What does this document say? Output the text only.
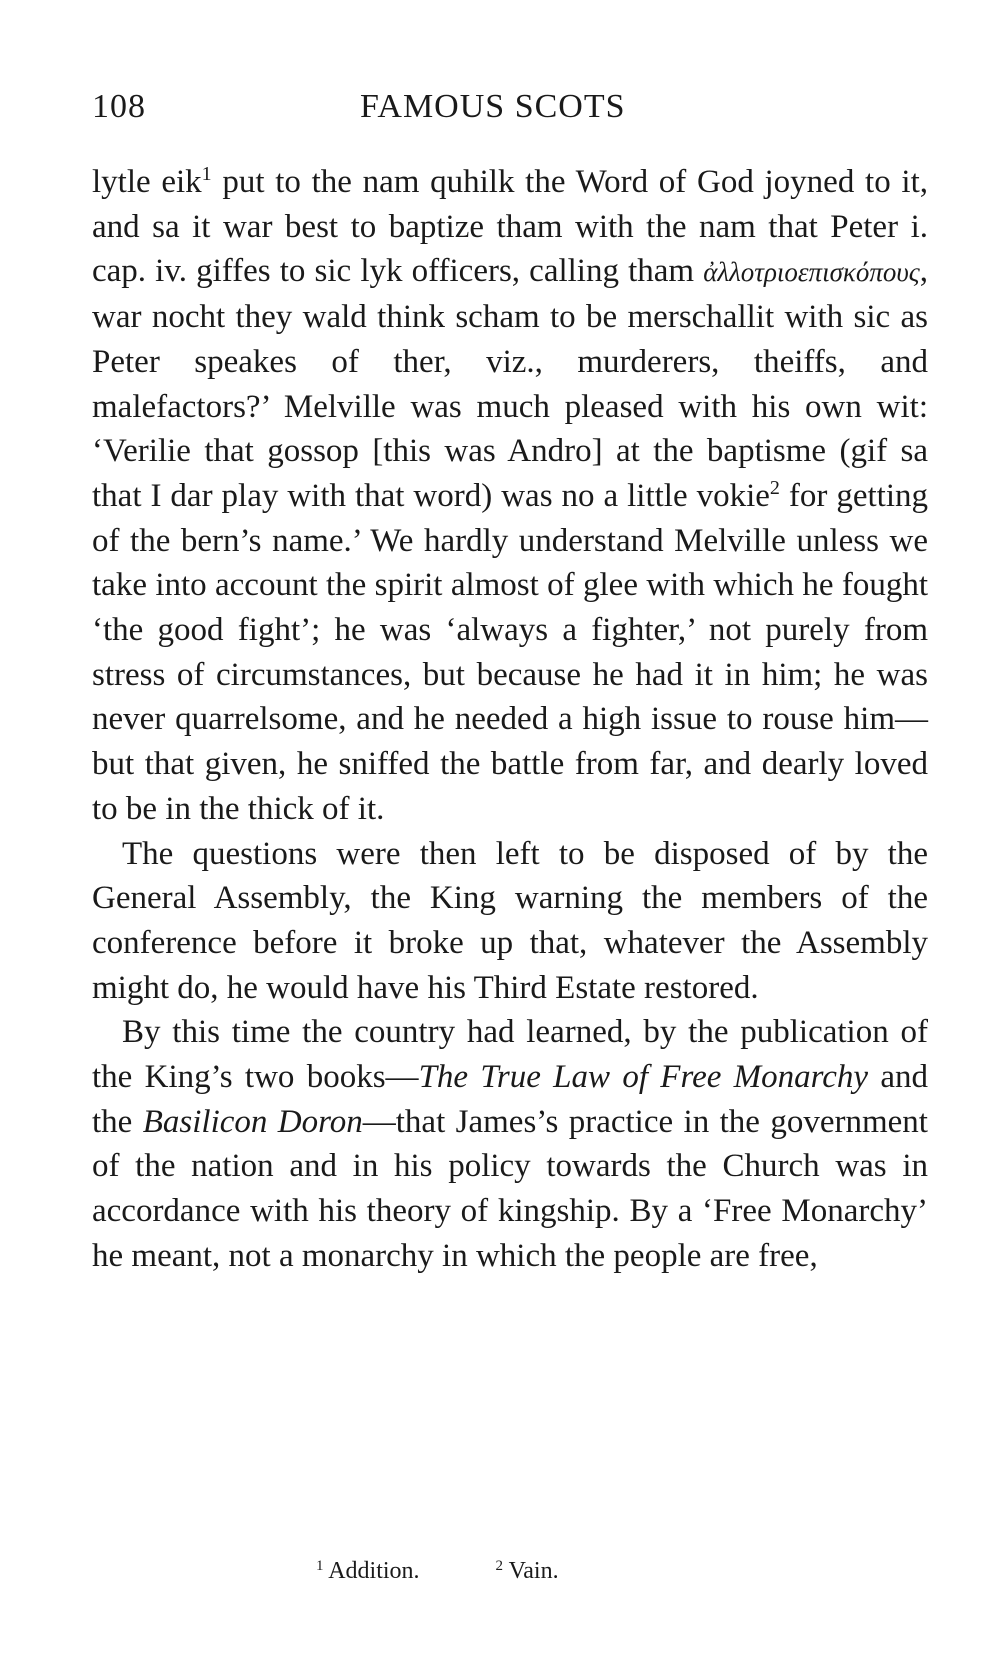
108	FAMOUS SCOTS

lytle eik$^1$ put to the nam quhilk the Word of God joyned to it, and sa it war best to baptize tham with the nam that Peter i. cap. iv. giffes to sic lyk officers, calling tham ἀλλοτριοεπισκόπους, war nocht they wald think scham to be merschallit with sic as Peter speakes of ther, viz., murderers, theiffs, and malefactors?’ Melville was much pleased with his own wit: ‘Verilie that gossop [this was Andro] at the baptisme (gif sa that I dar play with that word) was no a little vokie$^2$ for getting of the bern’s name.’ We hardly understand Melville unless we take into account the spirit almost of glee with which he fought ‘the good fight’; he was ‘always a fighter,’ not purely from stress of circumstances, but because he had it in him; he was never quarrelsome, and he needed a high issue to rouse him—but that given, he sniffed the battle from far, and dearly loved to be in the thick of it.

The questions were then left to be disposed of by the General Assembly, the King warning the members of the conference before it broke up that, whatever the Assembly might do, he would have his Third Estate restored.

By this time the country had learned, by the publication of the King’s two books—The True Law of Free Monarchy and the Basilicon Doron—that James’s practice in the government of the nation and in his policy towards the Church was in accordance with his theory of kingship. By a ‘Free Monarchy’ he meant, not a monarchy in which the people are free,

$^1$ Addition.	$^2$ Vain.
